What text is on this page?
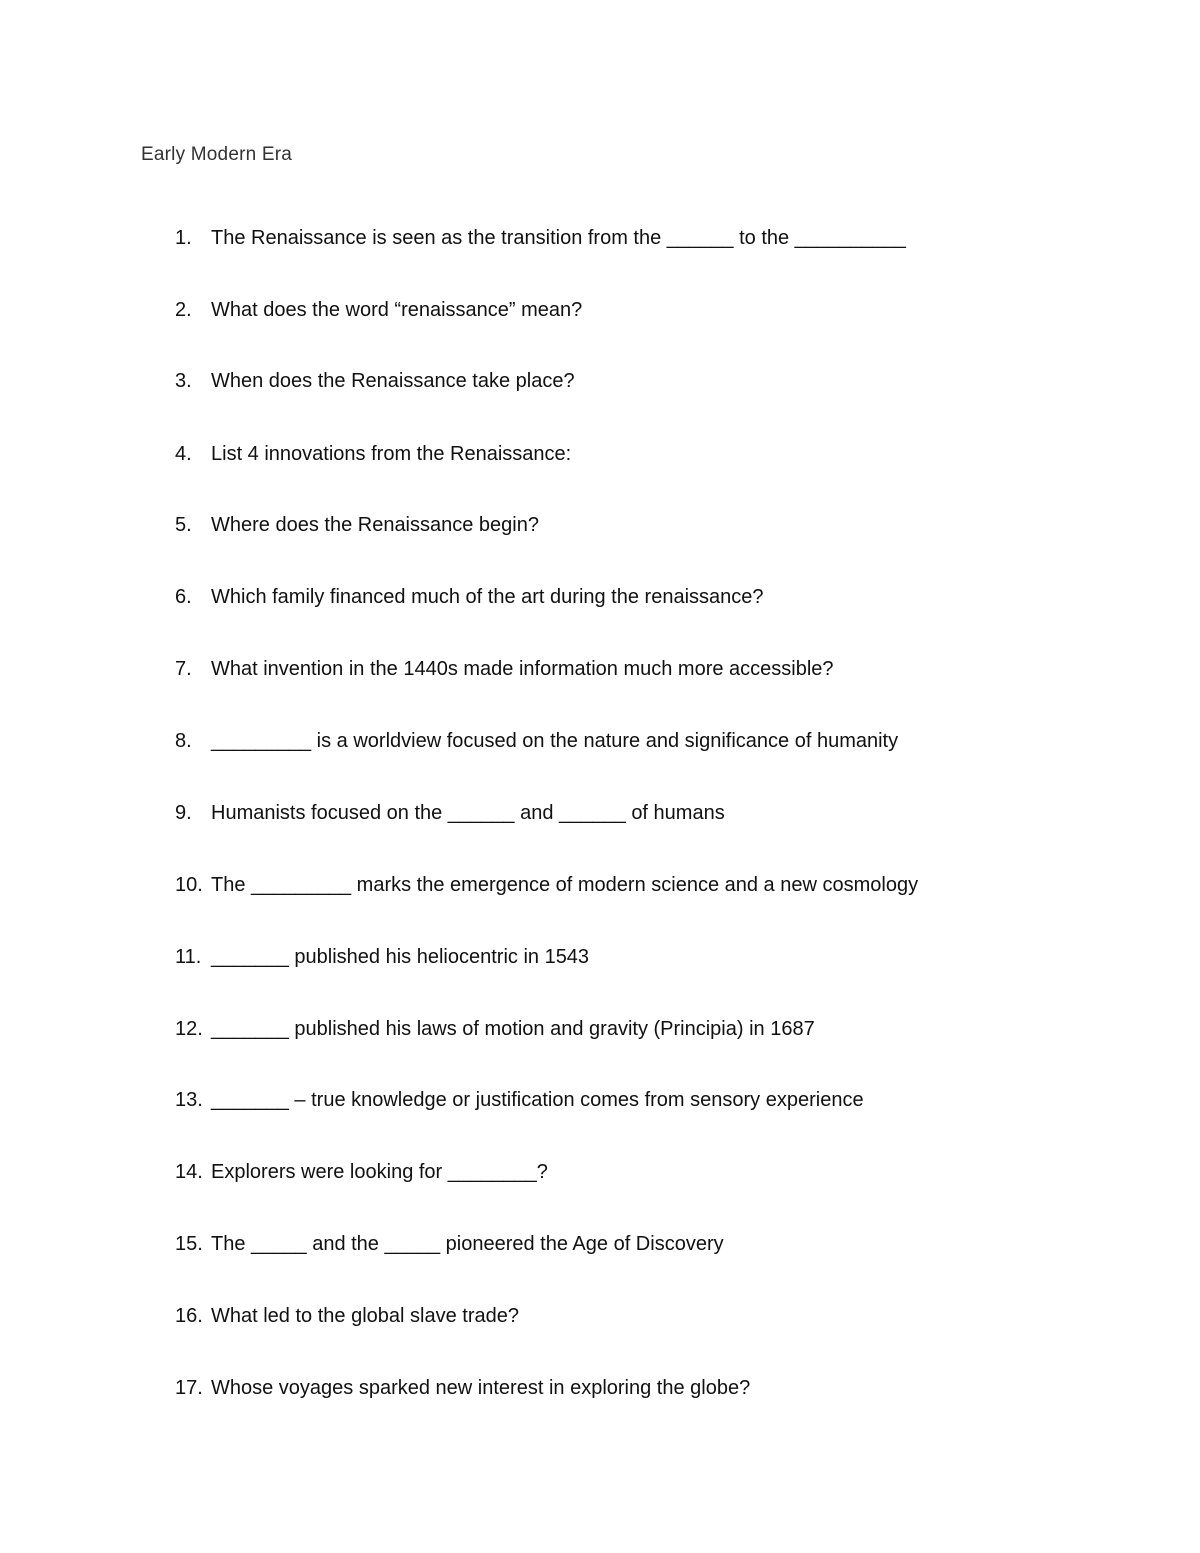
Early Modern Era
1. The Renaissance is seen as the transition from the ______ to the __________
2. What does the word “renaissance” mean?
3. When does the Renaissance take place?
4. List 4 innovations from the Renaissance:
5. Where does the Renaissance begin?
6. Which family financed much of the art during the renaissance?
7. What invention in the 1440s made information much more accessible?
8. _________ is a worldview focused on the nature and significance of humanity
9. Humanists focused on the ______ and ______ of humans
10. The _________ marks the emergence of modern science and a new cosmology
11. _______ published his heliocentric in 1543
12. _______ published his laws of motion and gravity (Principia) in 1687
13. _______ – true knowledge or justification comes from sensory experience
14. Explorers were looking for ________?
15. The _____ and the _____ pioneered the Age of Discovery
16. What led to the global slave trade?
17. Whose voyages sparked new interest in exploring the globe?
